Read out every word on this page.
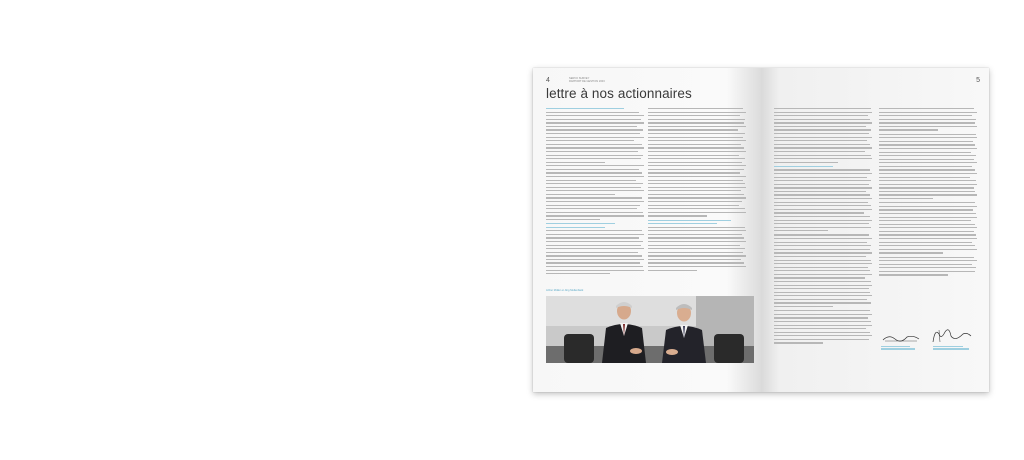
4	SERVO SURVEY
RAPPORT DE GESTION 2003
lettre à nos actionnaires
Arthur Müller et Jürg Mullenbäck
5
